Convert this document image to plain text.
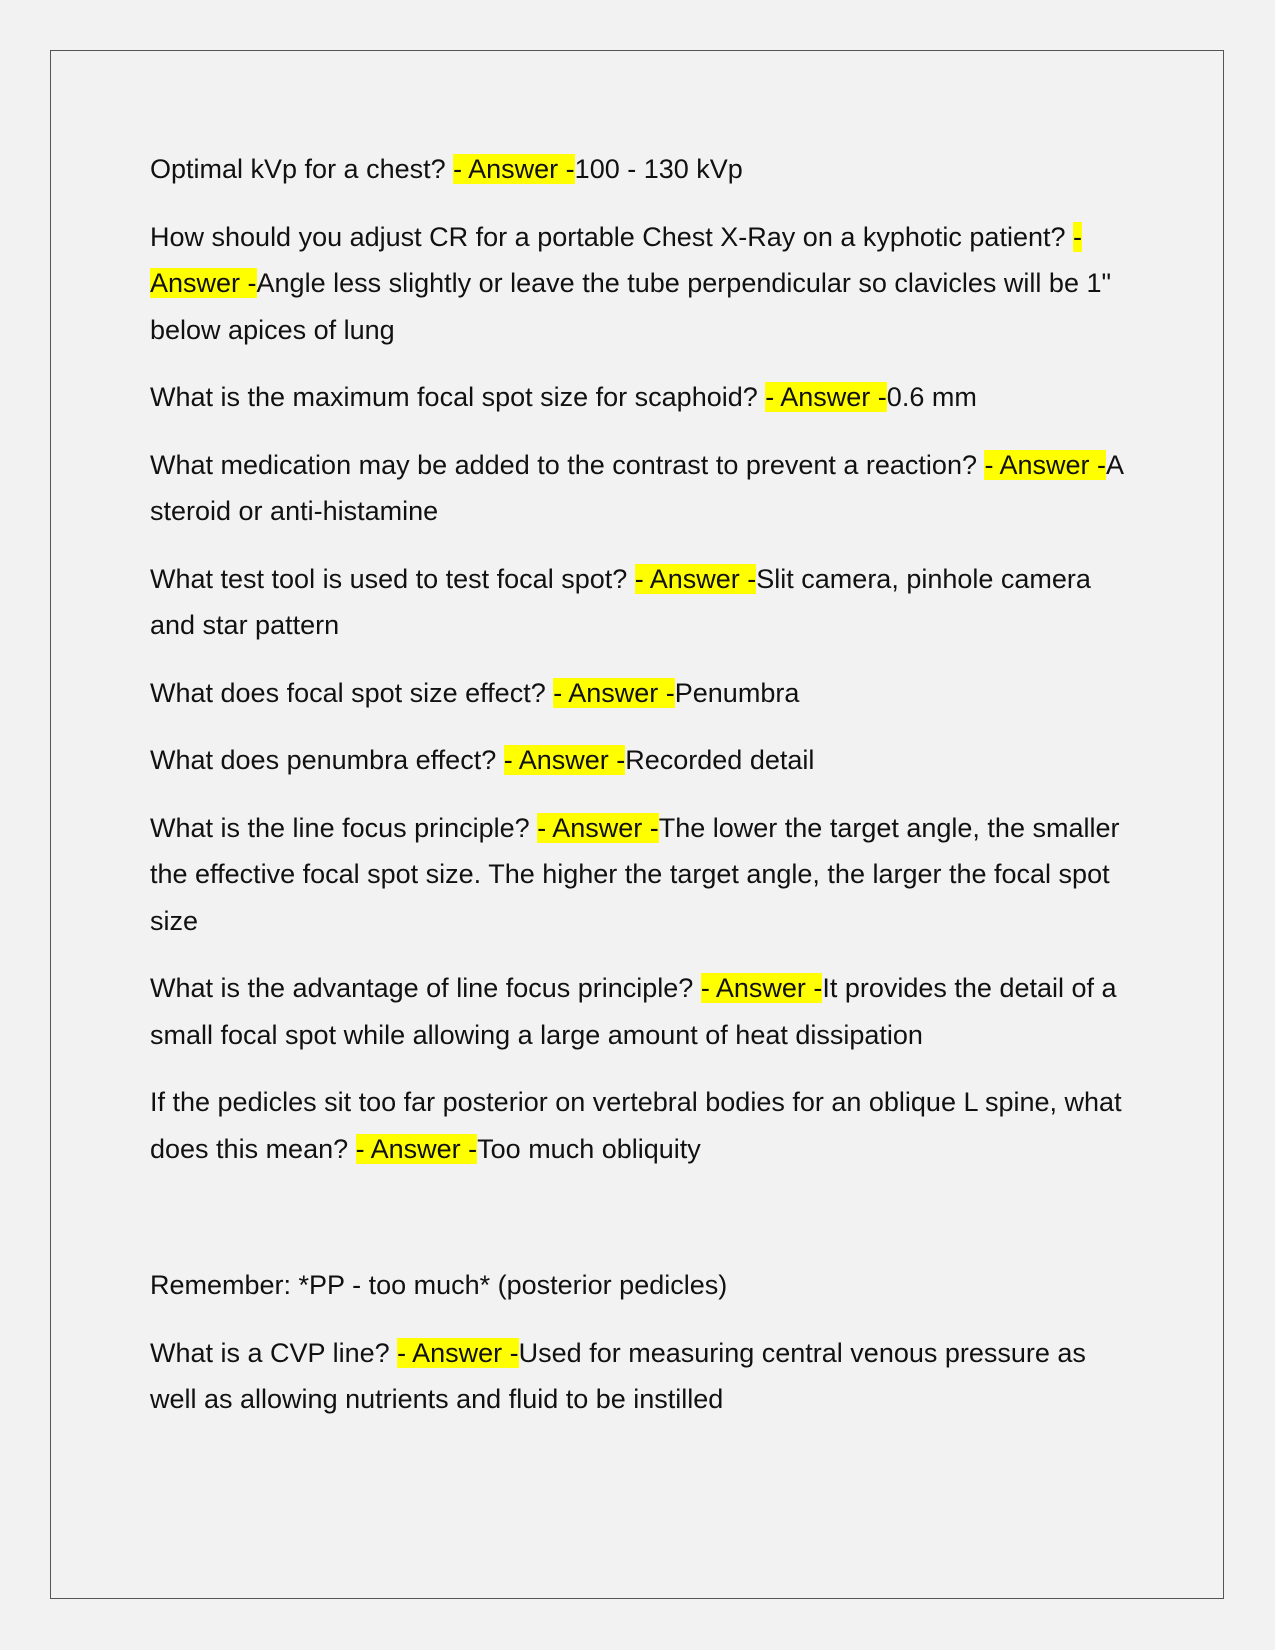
Optimal kVp for a chest? - Answer -100 - 130 kVp

How should you adjust CR for a portable Chest X-Ray on a kyphotic patient? - Answer -Angle less slightly or leave the tube perpendicular so clavicles will be 1" below apices of lung

What is the maximum focal spot size for scaphoid? - Answer -0.6 mm

What medication may be added to the contrast to prevent a reaction? - Answer -A steroid or anti-histamine

What test tool is used to test focal spot? - Answer -Slit camera, pinhole camera and star pattern

What does focal spot size effect? - Answer -Penumbra

What does penumbra effect? - Answer -Recorded detail

What is the line focus principle? - Answer -The lower the target angle, the smaller the effective focal spot size. The higher the target angle, the larger the focal spot size

What is the advantage of line focus principle? - Answer -It provides the detail of a small focal spot while allowing a large amount of heat dissipation

If the pedicles sit too far posterior on vertebral bodies for an oblique L spine, what does this mean? - Answer -Too much obliquity

Remember: *PP - too much* (posterior pedicles)

What is a CVP line? - Answer -Used for measuring central venous pressure as well as allowing nutrients and fluid to be instilled
